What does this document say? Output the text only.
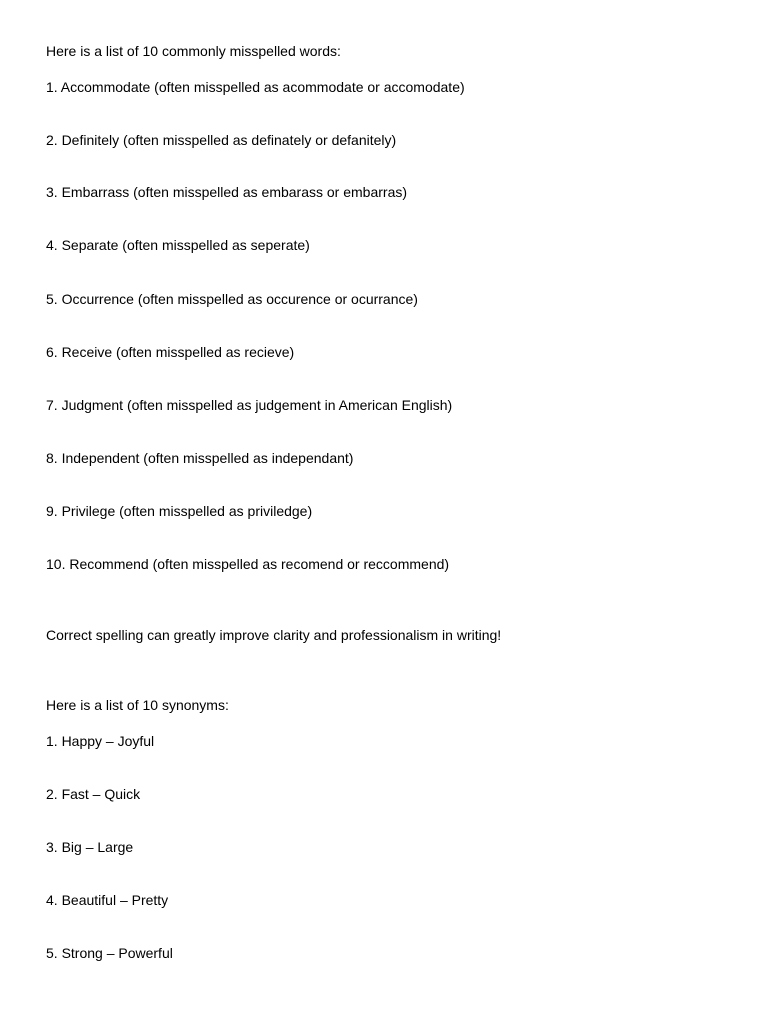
Here is a list of 10 commonly misspelled words:
1. Accommodate (often misspelled as acommodate or accomodate)
2. Definitely (often misspelled as definately or defanitely)
3. Embarrass (often misspelled as embarass or embarras)
4. Separate (often misspelled as seperate)
5. Occurrence (often misspelled as occurence or ocurrance)
6. Receive (often misspelled as recieve)
7. Judgment (often misspelled as judgement in American English)
8. Independent (often misspelled as independant)
9. Privilege (often misspelled as priviledge)
10. Recommend (often misspelled as recomend or reccommend)
Correct spelling can greatly improve clarity and professionalism in writing!
Here is a list of 10 synonyms:
1. Happy – Joyful
2. Fast – Quick
3. Big – Large
4. Beautiful – Pretty
5. Strong – Powerful
